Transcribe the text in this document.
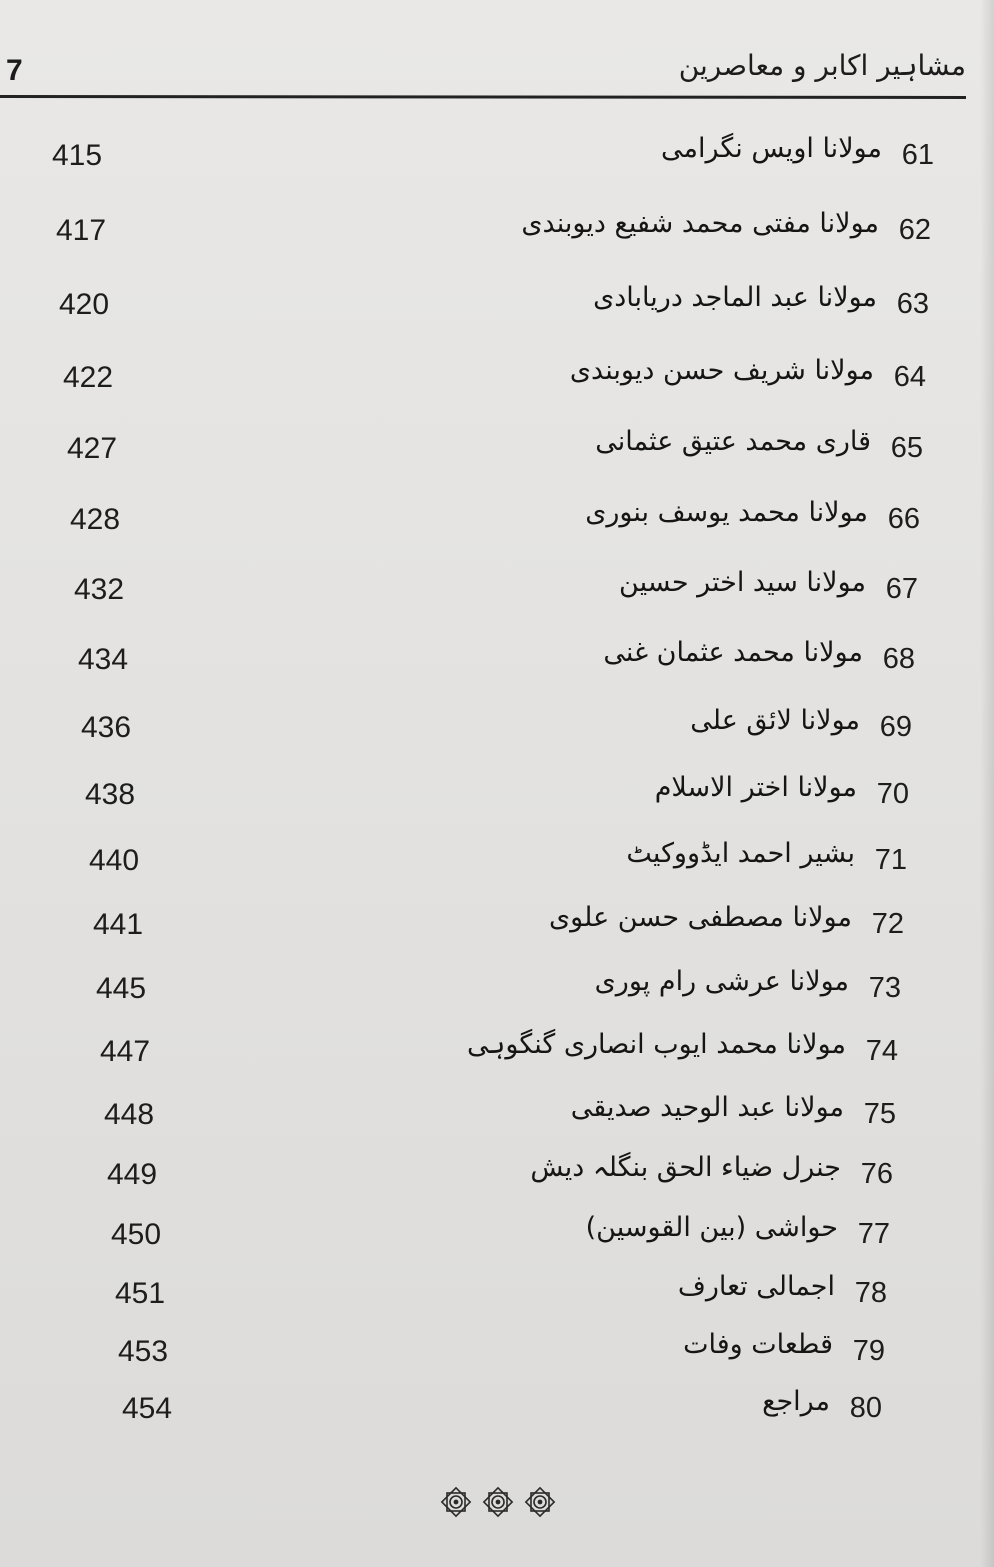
7	مشاہیر اکابر و معاصرین
415	مولانا اویس نگرامی 61
417	مولانا مفتی محمد شفیع دیوبندی 62
420	مولانا عبد الماجد دریابادی 63
422	مولانا شریف حسن دیوبندی 64
427	قاری محمد عتیق عثمانی 65
428	مولانا محمد یوسف بنوری 66
432	مولانا سید اختر حسین 67
434	مولانا محمد عثمان غنی 68
436	مولانا لائق علی 69
438	مولانا اختر الاسلام 70
440	بشیر احمد ایڈووکیٹ 71
441	مولانا مصطفی حسن علوی 72
445	مولانا عرشی رام پوری 73
447	مولانا محمد ایوب انصاری گنگوہی 74
448	مولانا عبد الوحید صدیقی 75
449	جنرل ضیاء الحق بنگلہ دیش 76
450	حواشی (بین القوسین) 77
451	اجمالی تعارف 78
453	قطعات وفات 79
454	مراجع 80
